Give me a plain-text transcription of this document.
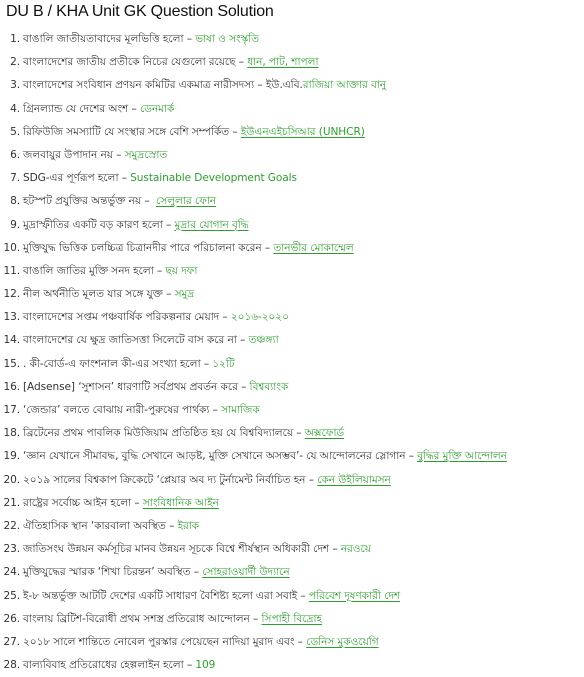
DU B / KHA Unit GK Question Solution
1. বাঙালি জাতীয়তাবাদের মূলভিত্তি হলো – ভাষা ও সংস্কৃতি
2. বাংলাদেশের জাতীয় প্রতীকে নিচের যেগুলো রয়েছে – ধান, পাট, শাপলা
3. বাংলাদেশের সংবিধান প্রণয়ন কমিটির একমাত্র নারীসদস্য – ইউ.এবি. রাজিয়া আক্তার বানু
4. গ্রিনল্যান্ড যে দেশের অংশ – ডেনমার্ক
5. রিফিউজি সমস্যাটি যে সংস্থার সঙ্গে বেশি সম্পর্কিত – ইউএনএইচসিআর (UNHCR)
6. জলবায়ুর উপাদান নয় – সমুদ্রস্রোত
7. SDG-এর পূর্ণরূপ হলো – Sustainable Development Goals
8. হটস্পট প্রযুক্তির অন্তর্ভুক্ত নয় – সেলুলার ফোন
9. মুদ্রাস্ফীতির একটি বড় কারণ হলো – মুদ্রার যোগান বৃদ্ধি
10. মুক্তিযুদ্ধ ভিত্তিক চলচ্চিত্র চিত্রানদীর পারে পরিচালনা করেন – তানভীর মোকাম্মেল
11. বাঙালি জাতির মুক্তি সনদ হলো – ছয় দফা
12. নীল অর্থনীতি মূলত যার সঙ্গে যুক্ত – সমুদ্র
13. বাংলাদেশের সপ্তম পঞ্চবার্ষিক পরিকল্পনার মেয়াদ – ২০১৬-২০২০
14. বাংলাদেশের যে ক্ষুদ্র জাতিসত্তা সিলেটে বাস করে না – তঞ্চঙ্গ্যা
15. . কী-বোর্ড-এ ফাংশনাল কী-এর সংখ্যা হলো – ১২টি
16. [Adsense] ‘সুশাসন’ ধারণাটি সর্বপ্রথম প্রবর্তন করে – বিশ্বব্যাংক
17. ‘জেন্ডার’ বলতে বোঝায় নারী-পুরুষের পার্থক্য – সামাজিক
18. ব্রিটেনের প্রথম পাবলিক মিউজিয়াম প্রতিষ্ঠিত হয় যে বিশ্ববিদ্যালয়ে – অক্সফোর্ড
19. ‘জ্ঞান যেখানে সীমাবদ্ধ, বুদ্ধি সেখানে আড়ষ্ট, মুক্তি সেখানে অসম্ভব’- যে আন্দোলনের স্লোগান – বুদ্ধির মুক্তি আন্দোলন
20. ২০১৯ সালের বিশ্বকাপ ক্রিকেটে ‘প্লেয়ার অব দ্য টুর্নামেন্ট নির্বাচিত হন – কেন উইলিয়ামসন
21. রাষ্ট্রের সর্বোচ্চ আইন হলো – সাংবিধানিক আইন
22. ঐতিহাসিক স্থান ‘কারবালা অবস্থিত – ইরাক
23. জাতিসংঘ উন্নয়ন কর্মসূচির মানব উন্নয়ন সূচকে বিশ্বে শীর্ষস্থান অধিকারী দেশ – নরওয়ে
24. মুক্তিযুদ্ধের স্মারক ‘শিখা চিরন্তন’ অবস্থিত – সোহরাওয়ার্দী উদ্যানে
25. ই-৮ অন্তর্ভুক্ত আটটি দেশের একটি সাধারণ বৈশিষ্ট্য হলো এরা সবাই – পরিবেশ দূষণকারী দেশ
26. বাংলায় ব্রিটিশ-বিরোধী প্রথম সশস্ত্র প্রতিরোধ আন্দোলন – সিপাহী বিদ্রোহ
27. ২০১৮ সালে শান্তিতে নোবেল পুরস্কার পেয়েছেন নাদিয়া মুরাদ এবং – ডেনিস মুকওয়েগি
28. বাল্যবিবাহ প্রতিরোধের হেল্পলাইন হলো – 109
